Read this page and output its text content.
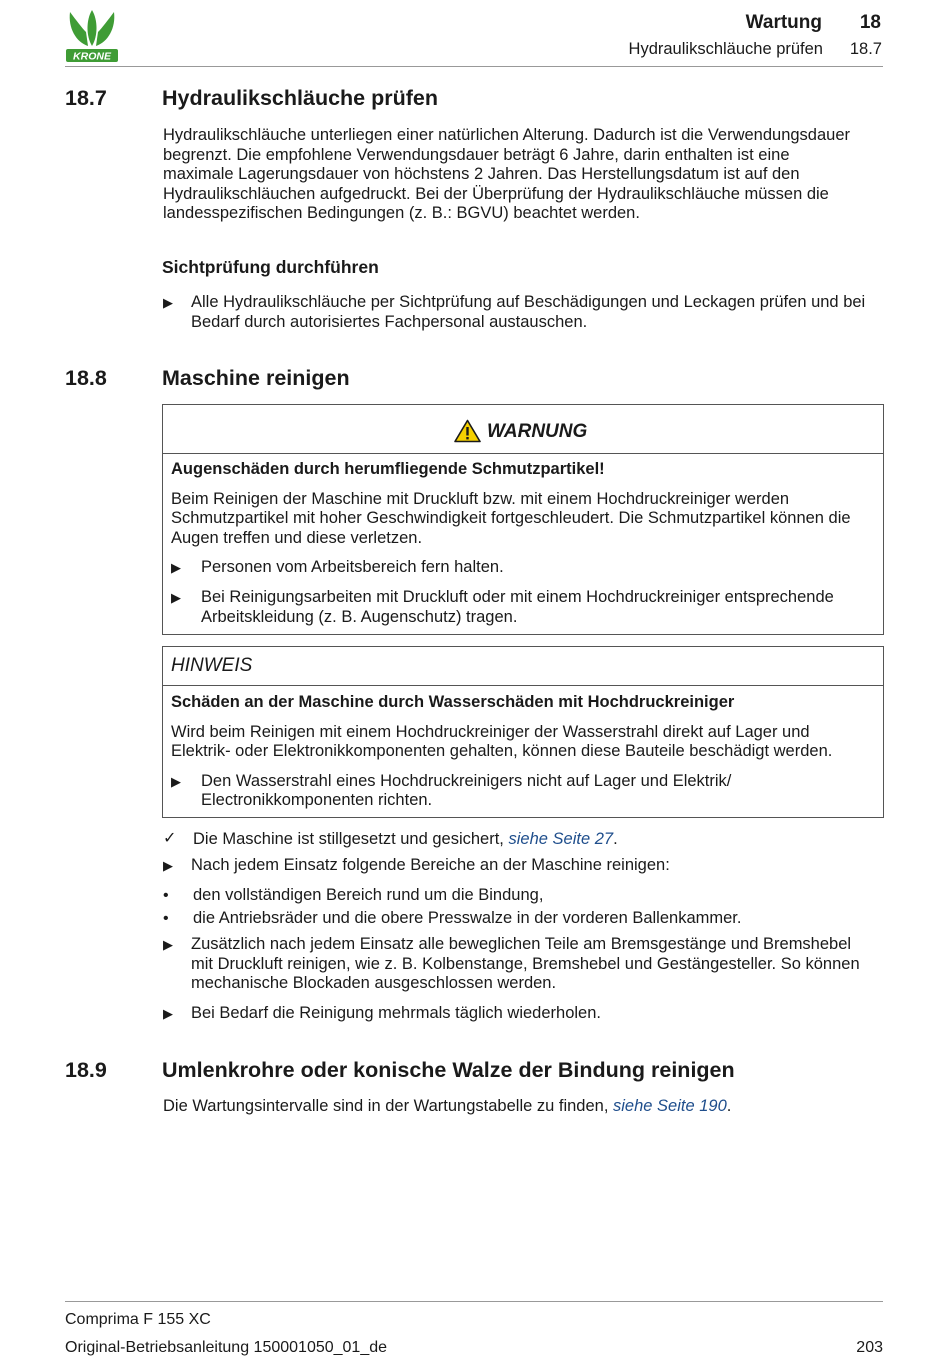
KRONE
Wartung 18
Hydraulikschläuche prüfen 18.7
18.7	Hydraulikschläuche prüfen
Hydraulikschläuche unterliegen einer natürlichen Alterung. Dadurch ist die Verwendungsdauer
begrenzt. Die empfohlene Verwendungsdauer beträgt 6 Jahre, darin enthalten ist eine
maximale Lagerungsdauer von höchstens 2 Jahren. Das Herstellungsdatum ist auf den
Hydraulikschläuchen aufgedruckt. Bei der Überprüfung der Hydraulikschläuche müssen die
landesspezifischen Bedingungen (z. B.: BGVU) beachtet werden.
Sichtprüfung durchführen
▶ Alle Hydraulikschläuche per Sichtprüfung auf Beschädigungen und Leckagen prüfen und bei
Bedarf durch autorisiertes Fachpersonal austauschen.
18.8	Maschine reinigen
WARNUNG
Augenschäden durch herumfliegende Schmutzpartikel!
Beim Reinigen der Maschine mit Druckluft bzw. mit einem Hochdruckreiniger werden
Schmutzpartikel mit hoher Geschwindigkeit fortgeschleudert. Die Schmutzpartikel können die
Augen treffen und diese verletzen.
▶ Personen vom Arbeitsbereich fern halten.
▶ Bei Reinigungsarbeiten mit Druckluft oder mit einem Hochdruckreiniger entsprechende
Arbeitskleidung (z. B. Augenschutz) tragen.
HINWEIS
Schäden an der Maschine durch Wasserschäden mit Hochdruckreiniger
Wird beim Reinigen mit einem Hochdruckreiniger der Wasserstrahl direkt auf Lager und
Elektrik- oder Elektronikkomponenten gehalten, können diese Bauteile beschädigt werden.
▶ Den Wasserstrahl eines Hochdruckreinigers nicht auf Lager und Elektrik/
Electronikkomponenten richten.
✓ Die Maschine ist stillgesetzt und gesichert, siehe Seite 27.
▶ Nach jedem Einsatz folgende Bereiche an der Maschine reinigen:
• den vollständigen Bereich rund um die Bindung,
• die Antriebsräder und die obere Presswalze in der vorderen Ballenkammer.
▶ Zusätzlich nach jedem Einsatz alle beweglichen Teile am Bremsgestänge und Bremshebel
mit Druckluft reinigen, wie z. B. Kolbenstange, Bremshebel und Gestängesteller. So können
mechanische Blockaden ausgeschlossen werden.
▶ Bei Bedarf die Reinigung mehrmals täglich wiederholen.
18.9	Umlenkrohre oder konische Walze der Bindung reinigen
Die Wartungsintervalle sind in der Wartungstabelle zu finden, siehe Seite 190.
Comprima F 155 XC
Original-Betriebsanleitung 150001050_01_de	203
